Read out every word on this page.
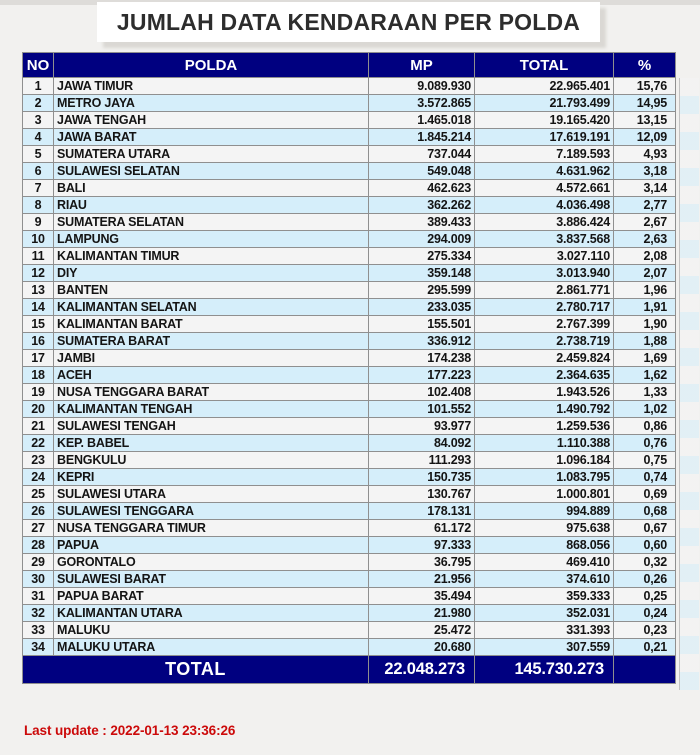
JUMLAH DATA KENDARAAN PER POLDA
NO	POLDA	MP	TOTAL	%
1	JAWA TIMUR	9.089.930	22.965.401	15,76
2	METRO JAYA	3.572.865	21.793.499	14,95
3	JAWA TENGAH	1.465.018	19.165.420	13,15
4	JAWA BARAT	1.845.214	17.619.191	12,09
5	SUMATERA UTARA	737.044	7.189.593	4,93
6	SULAWESI SELATAN	549.048	4.631.962	3,18
7	BALI	462.623	4.572.661	3,14
8	RIAU	362.262	4.036.498	2,77
9	SUMATERA SELATAN	389.433	3.886.424	2,67
10	LAMPUNG	294.009	3.837.568	2,63
11	KALIMANTAN TIMUR	275.334	3.027.110	2,08
12	DIY	359.148	3.013.940	2,07
13	BANTEN	295.599	2.861.771	1,96
14	KALIMANTAN SELATAN	233.035	2.780.717	1,91
15	KALIMANTAN BARAT	155.501	2.767.399	1,90
16	SUMATERA BARAT	336.912	2.738.719	1,88
17	JAMBI	174.238	2.459.824	1,69
18	ACEH	177.223	2.364.635	1,62
19	NUSA TENGGARA BARAT	102.408	1.943.526	1,33
20	KALIMANTAN TENGAH	101.552	1.490.792	1,02
21	SULAWESI TENGAH	93.977	1.259.536	0,86
22	KEP. BABEL	84.092	1.110.388	0,76
23	BENGKULU	111.293	1.096.184	0,75
24	KEPRI	150.735	1.083.795	0,74
25	SULAWESI UTARA	130.767	1.000.801	0,69
26	SULAWESI TENGGARA	178.131	994.889	0,68
27	NUSA TENGGARA TIMUR	61.172	975.638	0,67
28	PAPUA	97.333	868.056	0,60
29	GORONTALO	36.795	469.410	0,32
30	SULAWESI BARAT	21.956	374.610	0,26
31	PAPUA BARAT	35.494	359.333	0,25
32	KALIMANTAN UTARA	21.980	352.031	0,24
33	MALUKU	25.472	331.393	0,23
34	MALUKU UTARA	20.680	307.559	0,21
TOTAL		22.048.273	145.730.273	
Last update : 2022-01-13 23:36:26
